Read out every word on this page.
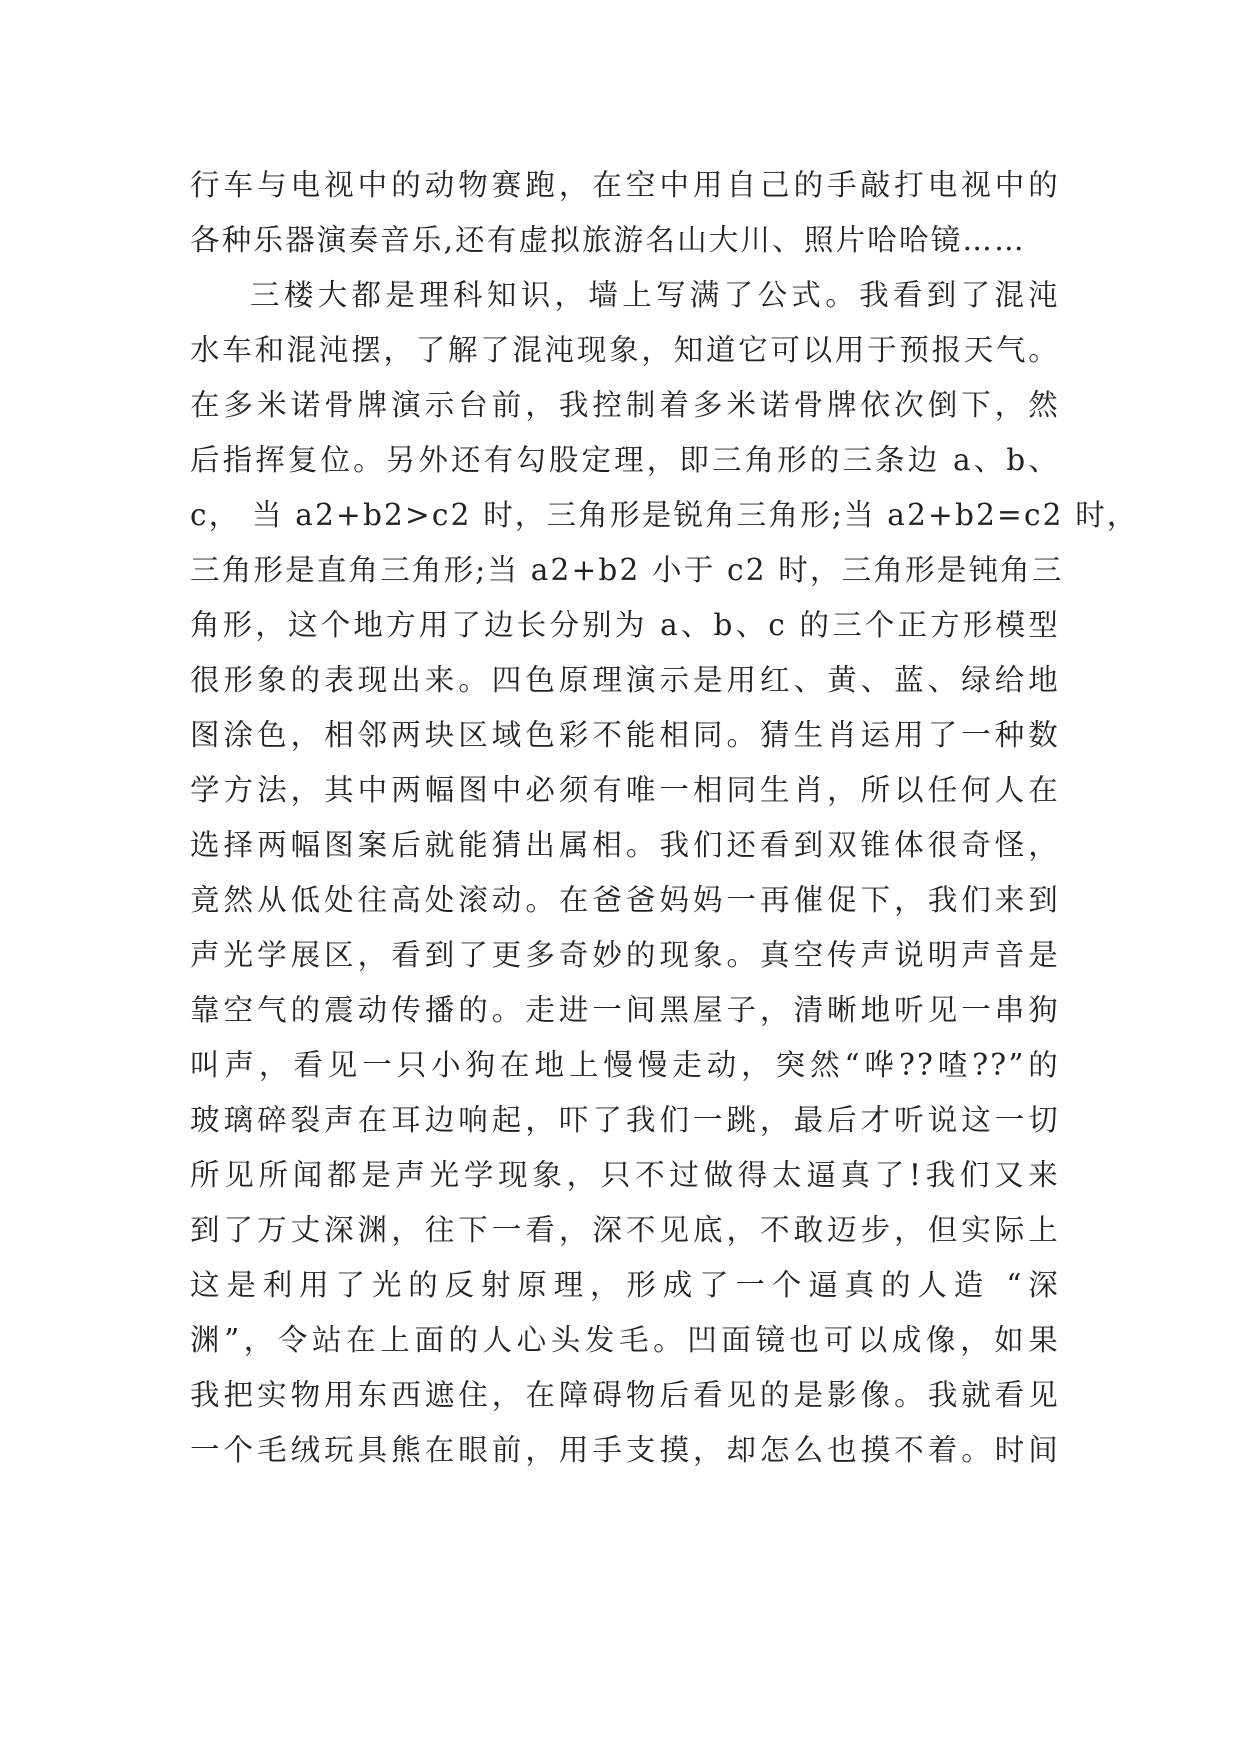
行车与电视中的动物赛跑，在空中用自己的手敲打电视中的
各种乐器演奏音乐,还有虚拟旅游名山大川、照片哈哈镜……
三楼大都是理科知识，墙上写满了公式。我看到了混沌
水车和混沌摆，了解了混沌现象，知道它可以用于预报天气。
在多米诺骨牌演示台前，我控制着多米诺骨牌依次倒下，然
后指挥复位。另外还有勾股定理，即三角形的三条边 a、b、
c， 当 a2+b2>c2 时，三角形是锐角三角形;当 a2+b2=c2 时，
三角形是直角三角形;当 a2+b2 小于 c2 时，三角形是钝角三
角形，这个地方用了边长分别为 a、b、c 的三个正方形模型
很形象的表现出来。四色原理演示是用红、黄、蓝、绿给地
图涂色，相邻两块区域色彩不能相同。猜生肖运用了一种数
学方法，其中两幅图中必须有唯一相同生肖，所以任何人在
选择两幅图案后就能猜出属相。我们还看到双锥体很奇怪，
竟然从低处往高处滚动。在爸爸妈妈一再催促下，我们来到
声光学展区，看到了更多奇妙的现象。真空传声说明声音是
靠空气的震动传播的。走进一间黑屋子，清晰地听见一串狗
叫声，看见一只小狗在地上慢慢走动，突然“哗??喳??”的
玻璃碎裂声在耳边响起，吓了我们一跳，最后才听说这一切
所见所闻都是声光学现象，只不过做得太逼真了!我们又来
到了万丈深渊，往下一看，深不见底，不敢迈步，但实际上
这是利用了光的反射原理，形成了一个逼真的人造 “深
渊”，令站在上面的人心头发毛。凹面镜也可以成像，如果
我把实物用东西遮住，在障碍物后看见的是影像。我就看见
一个毛绒玩具熊在眼前，用手支摸，却怎么也摸不着。时间
